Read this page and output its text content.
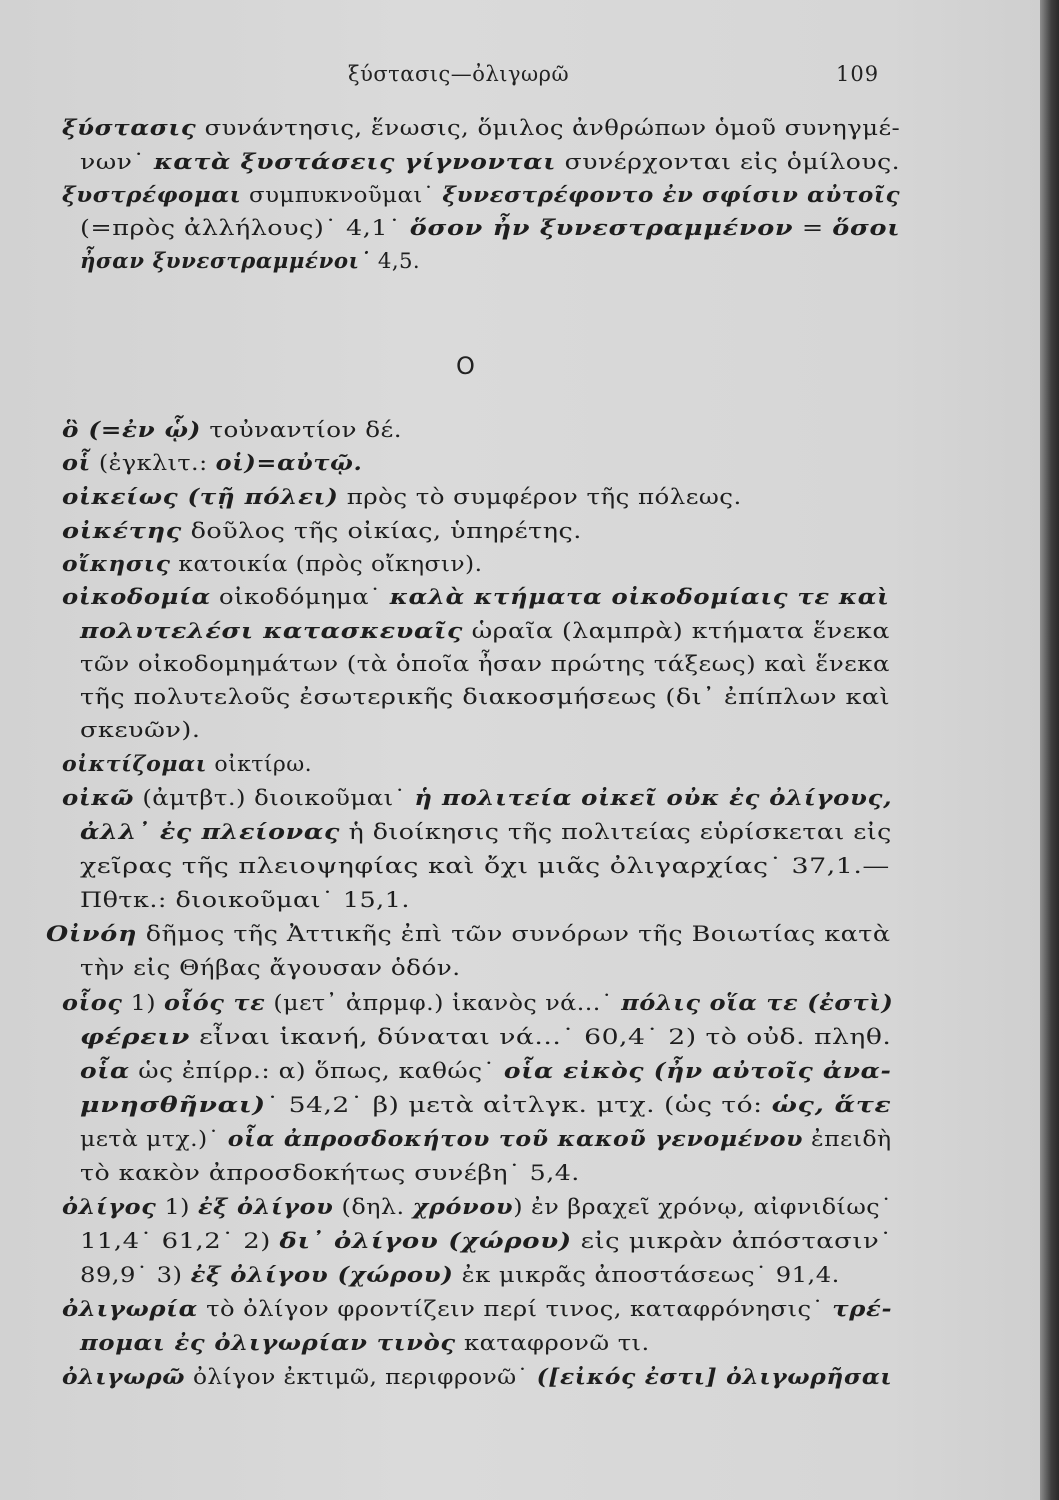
ξύστασις—ὀλιγωρῶ	109
ξύστασις συνάντησις, ἕνωσις, ὅμιλος ἀνθρώπων ὁμοῦ συνηγμέ-
νων˙ κατὰ ξυστάσεις γίγνονται συνέρχονται εἰς ὁμίλους.
ξυστρέφομαι συμπυκνοῦμαι˙ ξυνεστρέφοντο ἐν σφίσιν αὐτοῖς
(=πρὸς ἀλλήλους)˙ 4,1˙ ὅσον ἦν ξυνεστραμμένον = ὅσοι
ἦσαν ξυνεστραμμένοι˙ 4,5.
O
ὃ (=ἐν ᾧ) τοὐναντίον δέ.
οἷ (ἐγκλιτ.: οἱ)=αὐτῷ.
οἰκείως (τῇ πόλει) πρὸς τὸ συμφέρον τῆς πόλεως.
οἰκέτης δοῦλος τῆς οἰκίας, ὑπηρέτης.
οἴκησις κατοικία (πρὸς οἴκησιν).
οἰκοδομία οἰκοδόμημα˙ καλὰ κτήματα οἰκοδομίαις τε καὶ
πολυτελέσι κατασκευαῖς ὡραῖα (λαμπρὰ) κτήματα ἕνεκα
τῶν οἰκοδομημάτων (τὰ ὁποῖα ἦσαν πρώτης τάξεως) καὶ ἕνεκα
τῆς πολυτελοῦς ἐσωτερικῆς διακοσμήσεως (δι᾽ ἐπίπλων καὶ
σκευῶν).
οἰκτίζομαι οἰκτίρω.
οἰκῶ (ἀμτβτ.) διοικοῦμαι˙ ἡ πολιτεία οἰκεῖ οὐκ ἐς ὀλίγους,
ἀλλ᾽ ἐς πλείονας ἡ διοίκησις τῆς πολιτείας εὑρίσκεται εἰς
χεῖρας τῆς πλειοψηφίας καὶ ὄχι μιᾶς ὀλιγαρχίας˙ 37,1.—
Πθτκ.: διοικοῦμαι˙ 15,1.
Οἰνόη δῆμος τῆς Ἀττικῆς ἐπὶ τῶν συνόρων τῆς Βοιωτίας κατὰ
τὴν εἰς Θήβας ἄγουσαν ὁδόν.
οἷος 1) οἷός τε (μετ᾽ ἀπρμφ.) ἱκανὸς νά...˙ πόλις οἵα τε (ἐστὶ)
φέρειν εἶναι ἱκανή, δύναται νά...˙ 60,4˙ 2) τὸ οὐδ. πληθ.
οἷα ὡς ἐπίρρ.: α) ὅπως, καθώς˙ οἷα εἰκὸς (ἦν αὐτοῖς ἀνα-
μνησθῆναι)˙ 54,2˙ β) μετὰ αἰτλγκ. μτχ. (ὡς τό: ὡς, ἅτε
μετὰ μτχ.)˙ οἷα ἀπροσδοκήτου τοῦ κακοῦ γενομένου ἐπειδὴ
τὸ κακὸν ἀπροσδοκήτως συνέβη˙ 5,4.
ὀλίγος 1) ἐξ ὀλίγου (δηλ. χρόνου) ἐν βραχεῖ χρόνῳ, αἰφνιδίως˙
11,4˙ 61,2˙ 2) δι᾽ ὀλίγου (χώρου) εἰς μικρὰν ἀπόστασιν˙
89,9˙ 3) ἐξ ὀλίγου (χώρου) ἐκ μικρᾶς ἀποστάσεως˙ 91,4.
ὀλιγωρία τὸ ὀλίγον φροντίζειν περί τινος, καταφρόνησις˙ τρέ-
πομαι ἐς ὀλιγωρίαν τινὸς καταφρονῶ τι.
ὀλιγωρῶ ὀλίγον ἐκτιμῶ, περιφρονῶ˙ ([εἰκός ἐστι] ὀλιγωρῆσαι
